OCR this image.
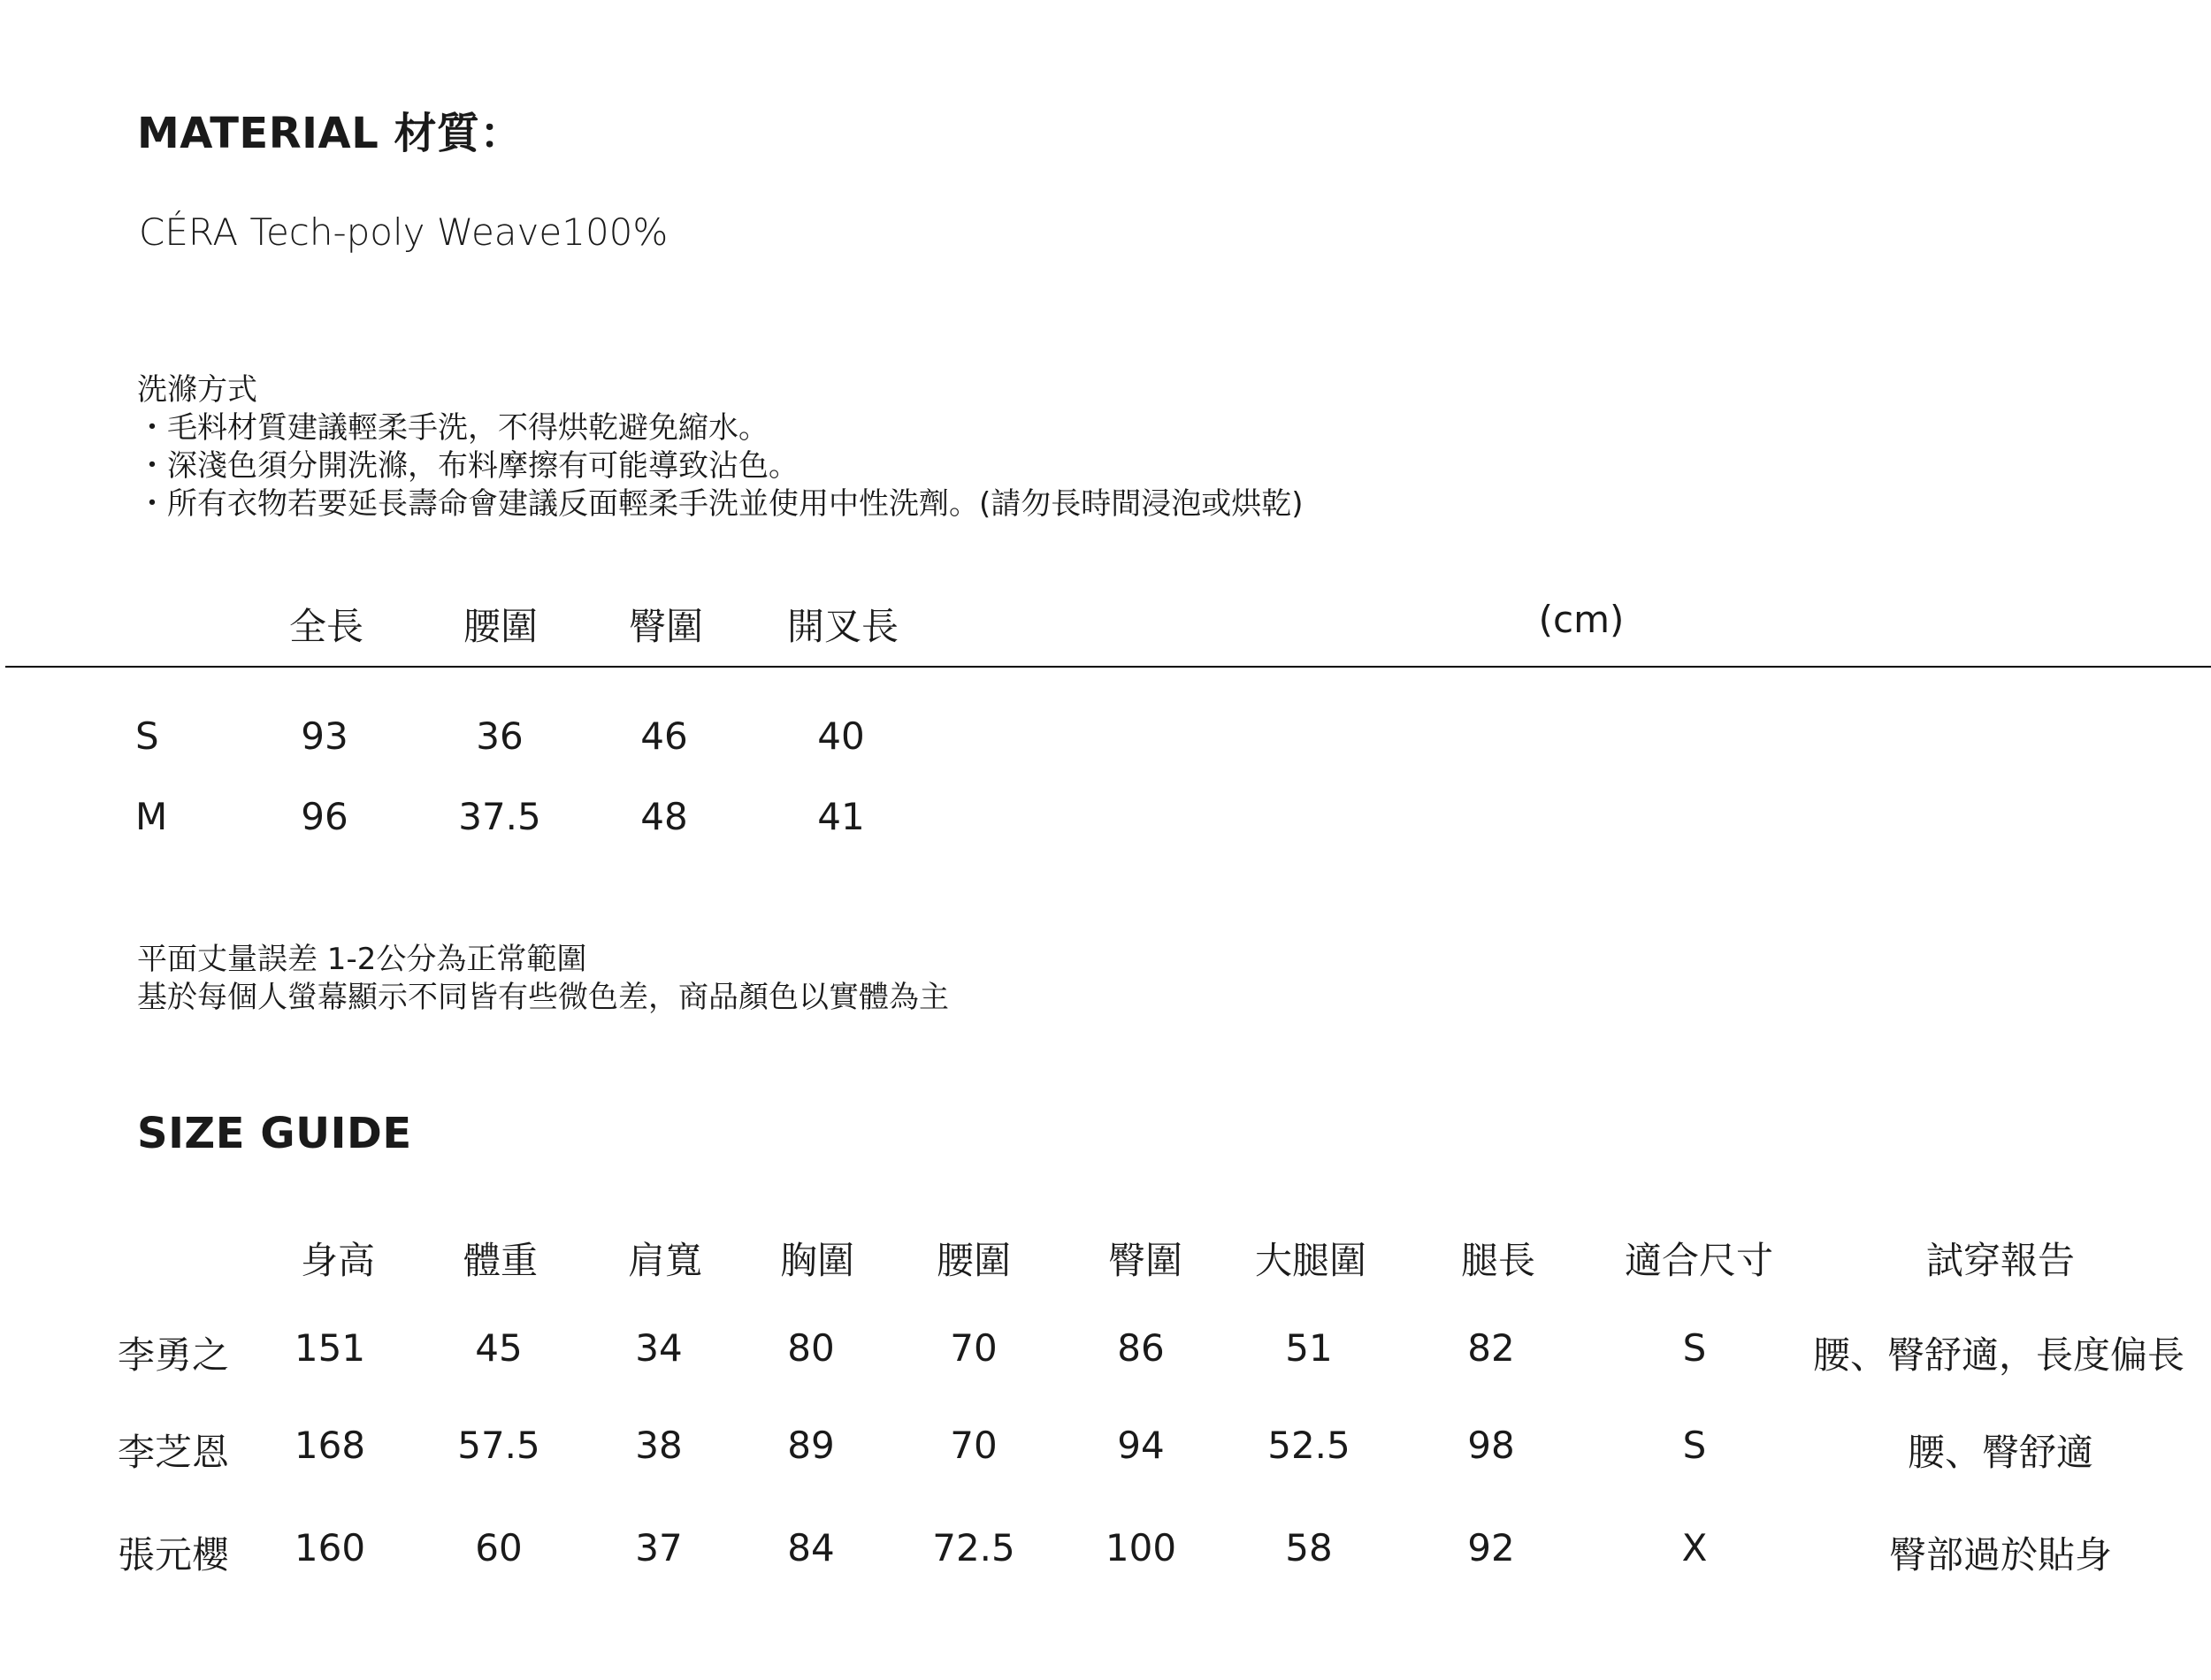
MATERIAL 材質：
CÉRA Tech-poly Weave100%
洗滌方式
・毛料材質建議輕柔手洗，不得烘乾避免縮水。
・深淺色須分開洗滌，布料摩擦有可能導致沾色。
・所有衣物若要延長壽命會建議反面輕柔手洗並使用中性洗劑。(請勿長時間浸泡或烘乾)
全長	腰圍 臀圍 開叉長	(cm)
S	93	36	46	40
M	96	37.5	48	41
平面丈量誤差 1-2公分為正常範圍
基於每個人螢幕顯示不同皆有些微色差，商品顏色以實體為主
SIZE GUIDE
身高 體重 肩寬 胸圍 腰圍	臀圍 大腿圍	腿長 適合尺寸	試穿報告
李勇之 151	45	34	80	70	86	51	82	S	腰、臀舒適，長度偏長
李芝恩 168 57.5	38	89	70	94	52.5	98	S	腰、臀舒適
張元櫻 160	60	37	84	72.5 100	58	92	X	臀部過於貼身
